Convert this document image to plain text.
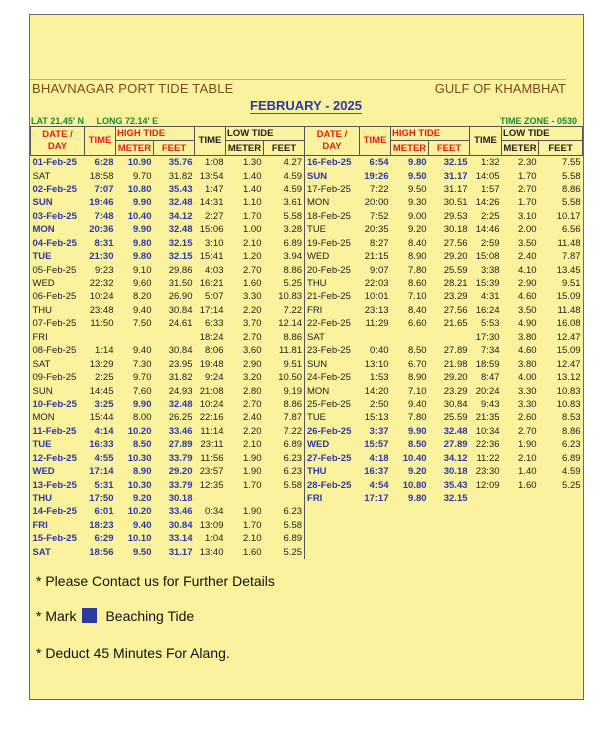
BHAVNAGAR PORT TIDE TABLE	GULF OF KHAMBHAT
FEBRUARY - 2025
LAT 21.45' N     LONG 72.14' E	TIME ZONE - 0530
DATE / DAY	TIME	HIGH TIDE		TIME	LOW TIDE		DATE / DAY	TIME	HIGH TIDE		TIME	LOW TIDE	
		METER	FEET		METER	FEET			METER	FEET		METER	FEET
01-Feb-25	6:28	10.90	35.76	1:08	1.30	4.27	16-Feb-25	6:54	9.80	32.15	1:32	2.30	7.55
SAT	18:58	9.70	31.82	13:54	1.40	4.59	SUN	19:26	9.50	31.17	14:05	1.70	5.58
02-Feb-25	7:07	10.80	35.43	1:47	1.40	4.59	17-Feb-25	7:22	9.50	31.17	1:57	2.70	8.86
SUN	19:46	9.90	32.48	14:31	1.10	3.61	MON	20:00	9.30	30.51	14:26	1.70	5.58
03-Feb-25	7:48	10.40	34.12	2:27	1.70	5.58	18-Feb-25	7:52	9.00	29.53	2:25	3.10	10.17
MON	20:36	9.90	32.48	15:06	1.00	3.28	TUE	20:35	9.20	30.18	14:46	2.00	6.56
04-Feb-25	8:31	9.80	32.15	3:10	2.10	6.89	19-Feb-25	8:27	8.40	27.56	2:59	3.50	11.48
TUE	21:30	9.80	32.15	15:41	1.20	3.94	WED	21:15	8.90	29.20	15:08	2.40	7.87
05-Feb-25	9:23	9.10	29.86	4:03	2.70	8.86	20-Feb-25	9:07	7.80	25.59	3:38	4.10	13.45
WED	22:32	9.60	31.50	16:21	1.60	5.25	THU	22:03	8.60	28.21	15:39	2.90	9.51
06-Feb-25	10:24	8.20	26.90	5:07	3.30	10.83	21-Feb-25	10:01	7.10	23.29	4:31	4.60	15.09
THU	23:48	9.40	30.84	17:14	2.20	7.22	FRI	23:13	8.40	27.56	16:24	3.50	11.48
07-Feb-25	11:50	7.50	24.61	6:33	3.70	12.14	22-Feb-25	11:29	6.60	21.65	5:53	4.90	16.08
FRI				18:24	2.70	8.86	SAT				17:30	3.80	12.47
08-Feb-25	1:14	9.40	30.84	8:06	3.60	11.81	23-Feb-25	0:40	8.50	27.89	7:34	4.60	15.09
SAT	13:29	7.30	23.95	19:48	2.90	9.51	SUN	13:10	6.70	21.98	18:59	3.80	12.47
09-Feb-25	2:25	9.70	31.82	9:24	3.20	10.50	24-Feb-25	1:53	8.90	29.20	8:47	4.00	13.12
SUN	14:45	7.60	24.93	21:08	2.80	9.19	MON	14:20	7.10	23.29	20:24	3.30	10.83
10-Feb-25	3:25	9.90	32.48	10:24	2.70	8.86	25-Feb-25	2:50	9.40	30.84	9:43	3.30	10.83
MON	15:44	8.00	26.25	22:16	2.40	7.87	TUE	15:13	7.80	25.59	21:35	2.60	8.53
11-Feb-25	4:14	10.20	33.46	11:14	2.20	7.22	26-Feb-25	3:37	9.90	32.48	10:34	2.70	8.86
TUE	16:33	8.50	27.89	23:11	2.10	6.89	WED	15:57	8.50	27.89	22:36	1.90	6.23
12-Feb-25	4:55	10.30	33.79	11:56	1.90	6.23	27-Feb-25	4:18	10.40	34.12	11:22	2.10	6.89
WED	17:14	8.90	29.20	23:57	1.90	6.23	THU	16:37	9.20	30.18	23:30	1.40	4.59
13-Feb-25	5:31	10.30	33.79	12:35	1.70	5.58	28-Feb-25	4:54	10.80	35.43	12:09	1.60	5.25
THU	17:50	9.20	30.18				FRI	17:17	9.80	32.15			
14-Feb-25	6:01	10.20	33.46	0:34	1.90	6.23							
FRI	18:23	9.40	30.84	13:09	1.70	5.58							
15-Feb-25	6:29	10.10	33.14	1:04	2.10	6.89							
SAT	18:56	9.50	31.17	13:40	1.60	5.25							
* Please Contact us for Further Details
* Mark Beaching Tide
* Deduct 45 Minutes For Alang.
